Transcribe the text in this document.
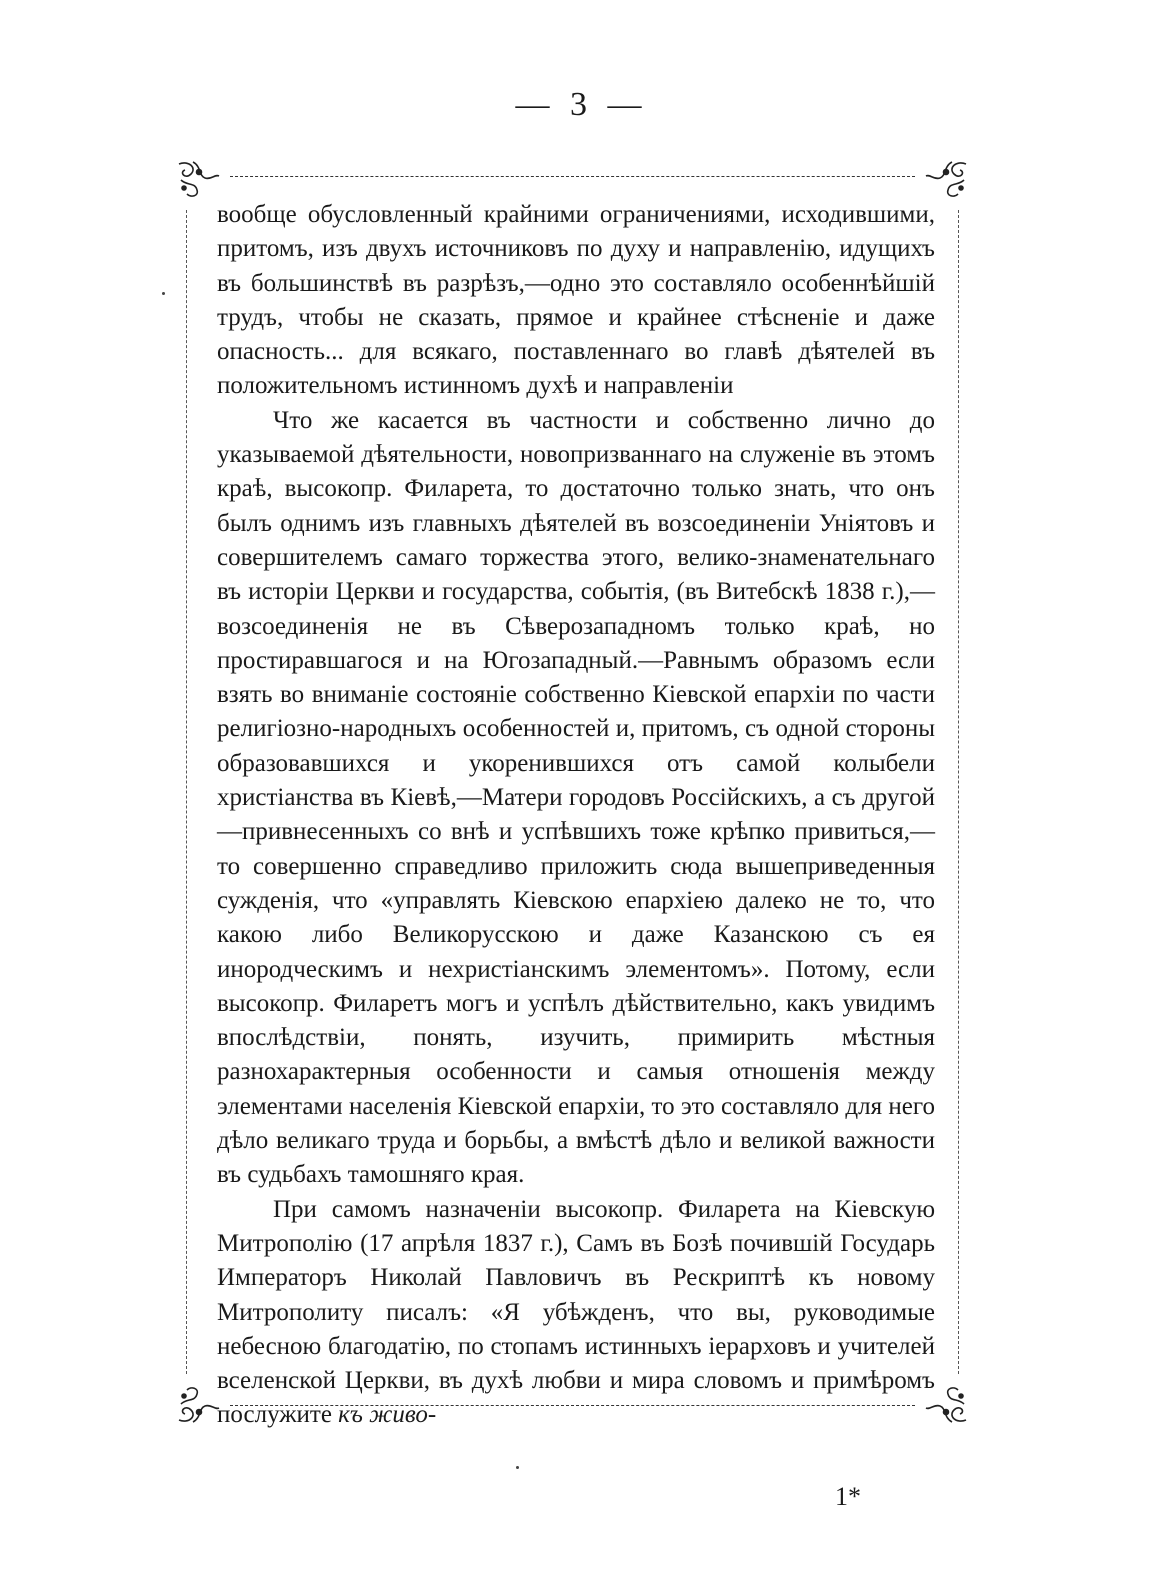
— 3 —

вообще обусловленный крайними ограничениями, исходившими, притомъ, изъ двухъ источниковъ по духу и направленію, идущихъ въ большинствѣ въ разрѣзъ,—одно это составляло особеннѣйшій трудъ, чтобы не сказать, прямое и крайнее стѣсненіе и даже опасность... для всякаго, поставленнаго во главѣ дѣятелей въ положительномъ истинномъ духѣ и направленіи

Что же касается въ частности и собственно лично до указываемой дѣятельности, новопризваннаго на служеніе въ этомъ краѣ, высокопр. Филарета, то достаточно только знать, что онъ былъ однимъ изъ главныхъ дѣятелей въ возсоединеніи Уніятовъ и совершителемъ самаго торжества этого, велико-знаменательнаго въ исторіи Церкви и государства, событія, (въ Витебскѣ 1838 г.),—возсоединенія не въ Сѣверозападномъ только краѣ, но простиравшагося и на Югозападный.—Равнымъ образомъ если взять во вниманіе состояніе собственно Кіевской епархіи по части религіозно-народныхъ особенностей и, притомъ, съ одной стороны образовавшихся и укоренившихся отъ самой колыбели христіанства въ Кіевѣ,—Матери городовъ Россійскихъ, а съ другой—привнесенныхъ со внѣ и успѣвшихъ тоже крѣпко привиться,—то совершенно справедливо приложить сюда вышеприведенныя сужденія, что «управлять Кіевскою епархіею далеко не то, что какою либо Великорусскою и даже Казанскою съ ея инородческимъ и нехристіанскимъ элементомъ». Потому, если высокопр. Филаретъ могъ и успѣлъ дѣйствительно, какъ увидимъ впослѣдствіи, понять, изучить, примирить мѣстныя разнохарактерныя особенности и самыя отношенія между элементами населенія Кіевской епархіи, то это составляло для него дѣло великаго труда и борьбы, а вмѣстѣ дѣло и великой важности въ судьбахъ тамошняго края.

При самомъ назначеніи высокопр. Филарета на Кіевскую Митрополію (17 апрѣля 1837 г.), Самъ въ Бозѣ почившій Государь Императоръ Николай Павловичъ въ Рескриптѣ къ новому Митрополиту писалъ: «Я убѣжденъ, что вы, руководимые небесною благодатію, по стопамъ истинныхъ іерарховъ и учителей вселенской Церкви, въ духѣ любви и мира словомъ и примѣромъ послужите къ живо-

1*
